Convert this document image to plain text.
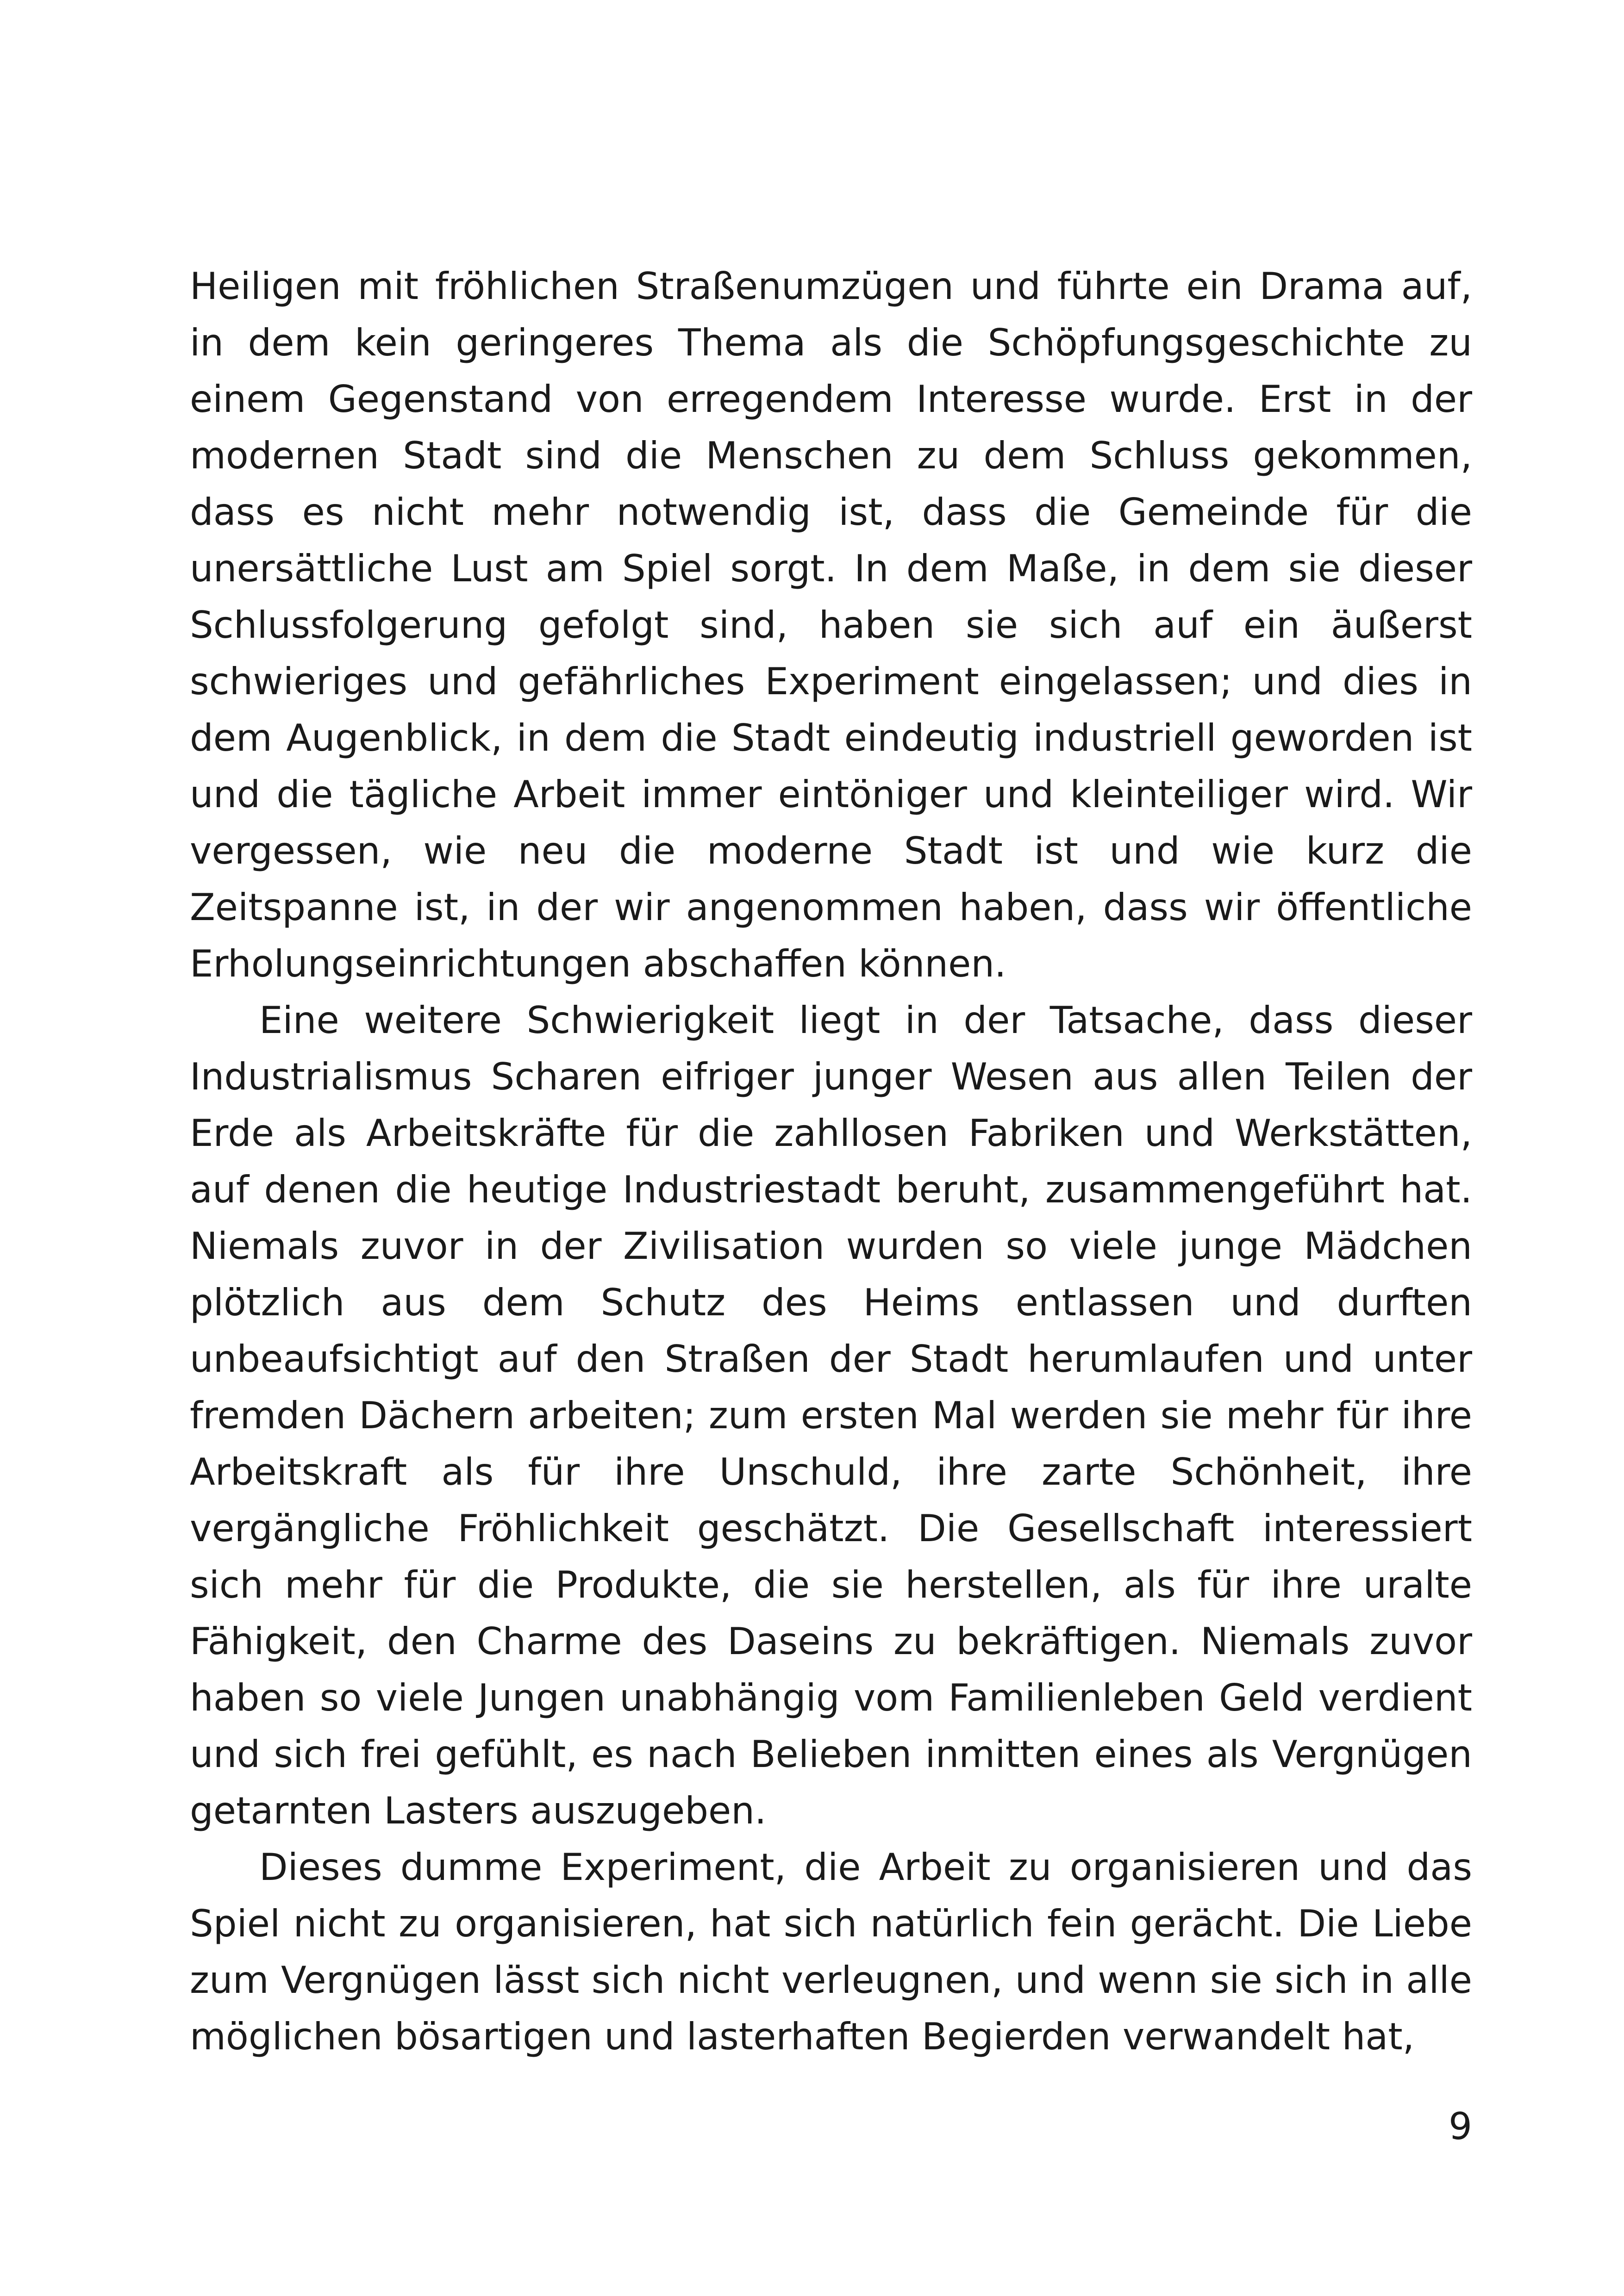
Heiligen mit fröhlichen Straßenumzügen und führte ein Drama auf, in dem kein geringeres Thema als die Schöpfungsgeschichte zu einem Gegenstand von erregendem Interesse wurde. Erst in der modernen Stadt sind die Menschen zu dem Schluss gekommen, dass es nicht mehr notwendig ist, dass die Gemeinde für die unersättliche Lust am Spiel sorgt. In dem Maße, in dem sie dieser Schlussfolgerung gefolgt sind, haben sie sich auf ein äußerst schwieriges und gefährliches Experiment eingelassen; und dies in dem Augenblick, in dem die Stadt eindeutig industriell geworden ist und die tägliche Arbeit immer eintöniger und kleinteiliger wird. Wir vergessen, wie neu die moderne Stadt ist und wie kurz die Zeitspanne ist, in der wir angenommen haben, dass wir öffentliche Erholungseinrichtungen abschaffen können.

Eine weitere Schwierigkeit liegt in der Tatsache, dass dieser Industrialismus Scharen eifriger junger Wesen aus allen Teilen der Erde als Arbeitskräfte für die zahllosen Fabriken und Werkstätten, auf denen die heutige Industriestadt beruht, zusammengeführt hat. Niemals zuvor in der Zivilisation wurden so viele junge Mädchen plötzlich aus dem Schutz des Heims entlassen und durften unbeaufsichtigt auf den Straßen der Stadt herumlaufen und unter fremden Dächern arbeiten; zum ersten Mal werden sie mehr für ihre Arbeitskraft als für ihre Unschuld, ihre zarte Schönheit, ihre vergängliche Fröhlichkeit geschätzt. Die Gesellschaft interessiert sich mehr für die Produkte, die sie herstellen, als für ihre uralte Fähigkeit, den Charme des Daseins zu bekräftigen. Niemals zuvor haben so viele Jungen unabhängig vom Familienleben Geld verdient und sich frei gefühlt, es nach Belieben inmitten eines als Vergnügen getarnten Lasters auszugeben.

Dieses dumme Experiment, die Arbeit zu organisieren und das Spiel nicht zu organisieren, hat sich natürlich fein gerächt. Die Liebe zum Vergnügen lässt sich nicht verleugnen, und wenn sie sich in alle möglichen bösartigen und lasterhaften Begierden verwandelt hat,

9
